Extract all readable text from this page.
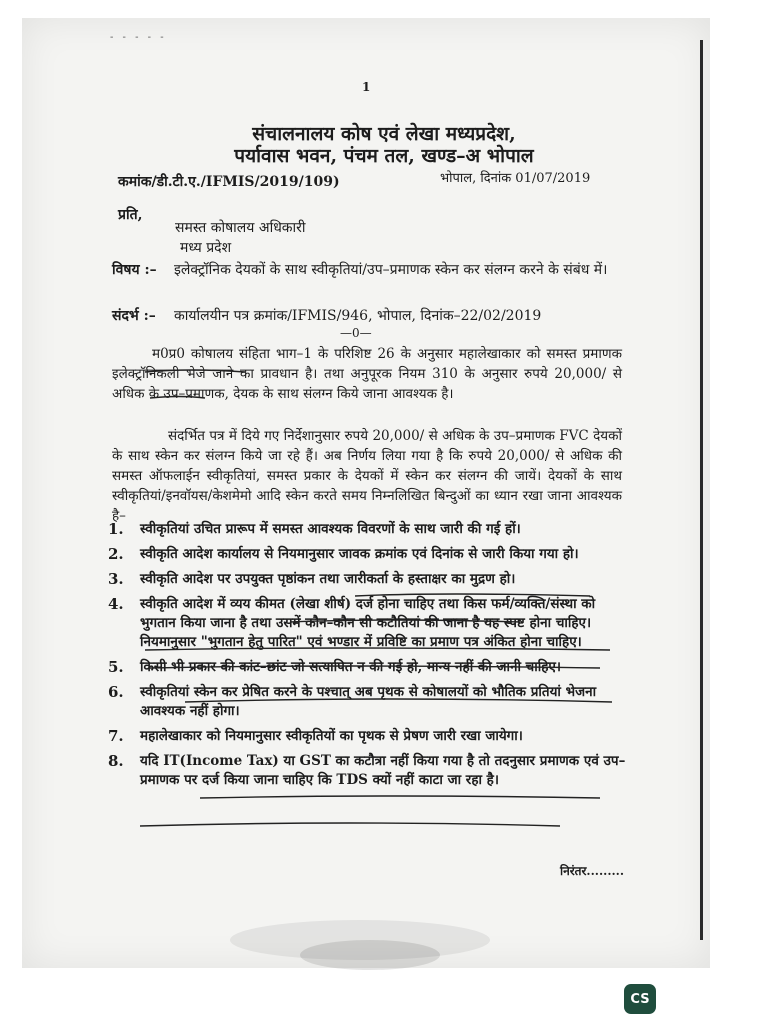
- - - - -
1
संचालनालय कोष एवं लेखा मध्यप्रदेश,
पर्यावास भवन, पंचम तल, खण्ड–अ भोपाल
कमांक/डी.टी.ए./IFMIS/2019/109)	भोपाल, दिनांक 01/07/2019
प्रति,
समस्त कोषालय अधिकारी
मध्य प्रदेश
विषय :– इलेक्ट्रॉनिक देयकों के साथ स्वीकृतियां/उप–प्रमाणक स्केन कर संलग्न करने के संबंध में।
संदर्भ :– कार्यालयीन पत्र क्रमांक/IFMIS/946, भोपाल, दिनांक–22/02/2019
—0—
म0प्र0 कोषालय संहिता भाग–1 के परिशिष्ट 26 के अनुसार महालेखाकार को समस्त प्रमाणक इलेक्ट्रॉनिकली भेजे जाने का प्रावधान है। तथा अनुपूरक नियम 310 के अनुसार रुपये 20,000/ से अधिक के उप–प्रमाणक, देयक के साथ संलग्न किये जाना आवश्यक है।
संदर्भित पत्र में दिये गए निर्देशानुसार रुपये 20,000/ से अधिक के उप–प्रमाणक FVC देयकों के साथ स्केन कर संलग्न किये जा रहे हैं। अब निर्णय लिया गया है कि रुपये 20,000/ से अधिक की समस्त ऑफलाईन स्वीकृतियां, समस्त प्रकार के देयकों में स्केन कर संलग्न की जायें। देयकों के साथ स्वीकृतियां/इनवॉयस/केशमेमो आदि स्केन करते समय निम्नलिखित बिन्दुओं का ध्यान रखा जाना आवश्यक है–
1. स्वीकृतियां उचित प्रारूप में समस्त आवश्यक विवरणों के साथ जारी की गई हों।
2. स्वीकृति आदेश कार्यालय से नियमानुसार जावक क्रमांक एवं दिनांक से जारी किया गया हो।
3. स्वीकृति आदेश पर उपयुक्त पृष्ठांकन तथा जारीकर्ता के हस्ताक्षर का मुद्रण हो।
4. स्वीकृति आदेश में व्यय कीमत (लेखा शीर्ष) दर्ज होना चाहिए तथा किस फर्म/व्यक्ति/संस्था को भुगतान किया जाना है तथा उसमें कौन–कौन सी कटौतियां की जाना है यह स्पष्ट होना चाहिए। नियमानुसार "भुगतान हेतु पारित" एवं भण्डार में प्रविष्टि का प्रमाण पत्र अंकित होना चाहिए।
5. किसी भी प्रकार की कांट–छांट जो सत्यापित न की गई हो, मान्य नहीं की जानी चाहिए।
6. स्वीकृतियां स्केन कर प्रेषित करने के पश्चात् अब पृथक से कोषालयों को भौतिक प्रतियां भेजना आवश्यक नहीं होगा।
7. महालेखाकार को नियमानुसार स्वीकृतियों का पृथक से प्रेषण जारी रखा जायेगा।
8. यदि IT(Income Tax) या GST का कटौत्रा नहीं किया गया है तो तदनुसार प्रमाणक एवं उप–प्रमाणक पर दर्ज किया जाना चाहिए कि TDS क्यों नहीं काटा जा रहा है।
निरंतर.........
CS
